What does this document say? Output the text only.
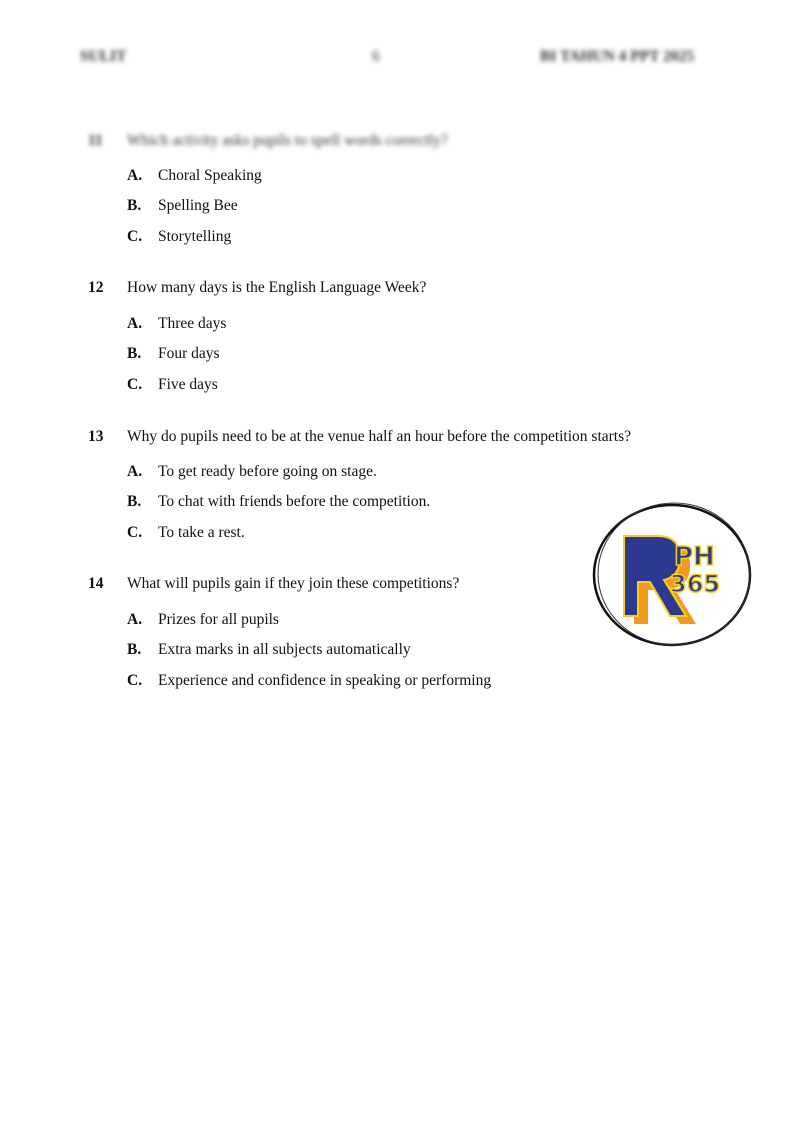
SULIT	6	BI TAHUN 4 PPT 2025
11 Which activity asks pupils to spell words correctly?
A. Choral Speaking
B. Spelling Bee
C. Storytelling
12 How many days is the English Language Week?
A. Three days
B. Four days
C. Five days
13 Why do pupils need to be at the venue half an hour before the competition starts?
A. To get ready before going on stage.
B. To chat with friends before the competition.
C. To take a rest.
14 What will pupils gain if they join these competitions?
A. Prizes for all pupils
B. Extra marks in all subjects automatically
C. Experience and confidence in speaking or performing
PH
365
